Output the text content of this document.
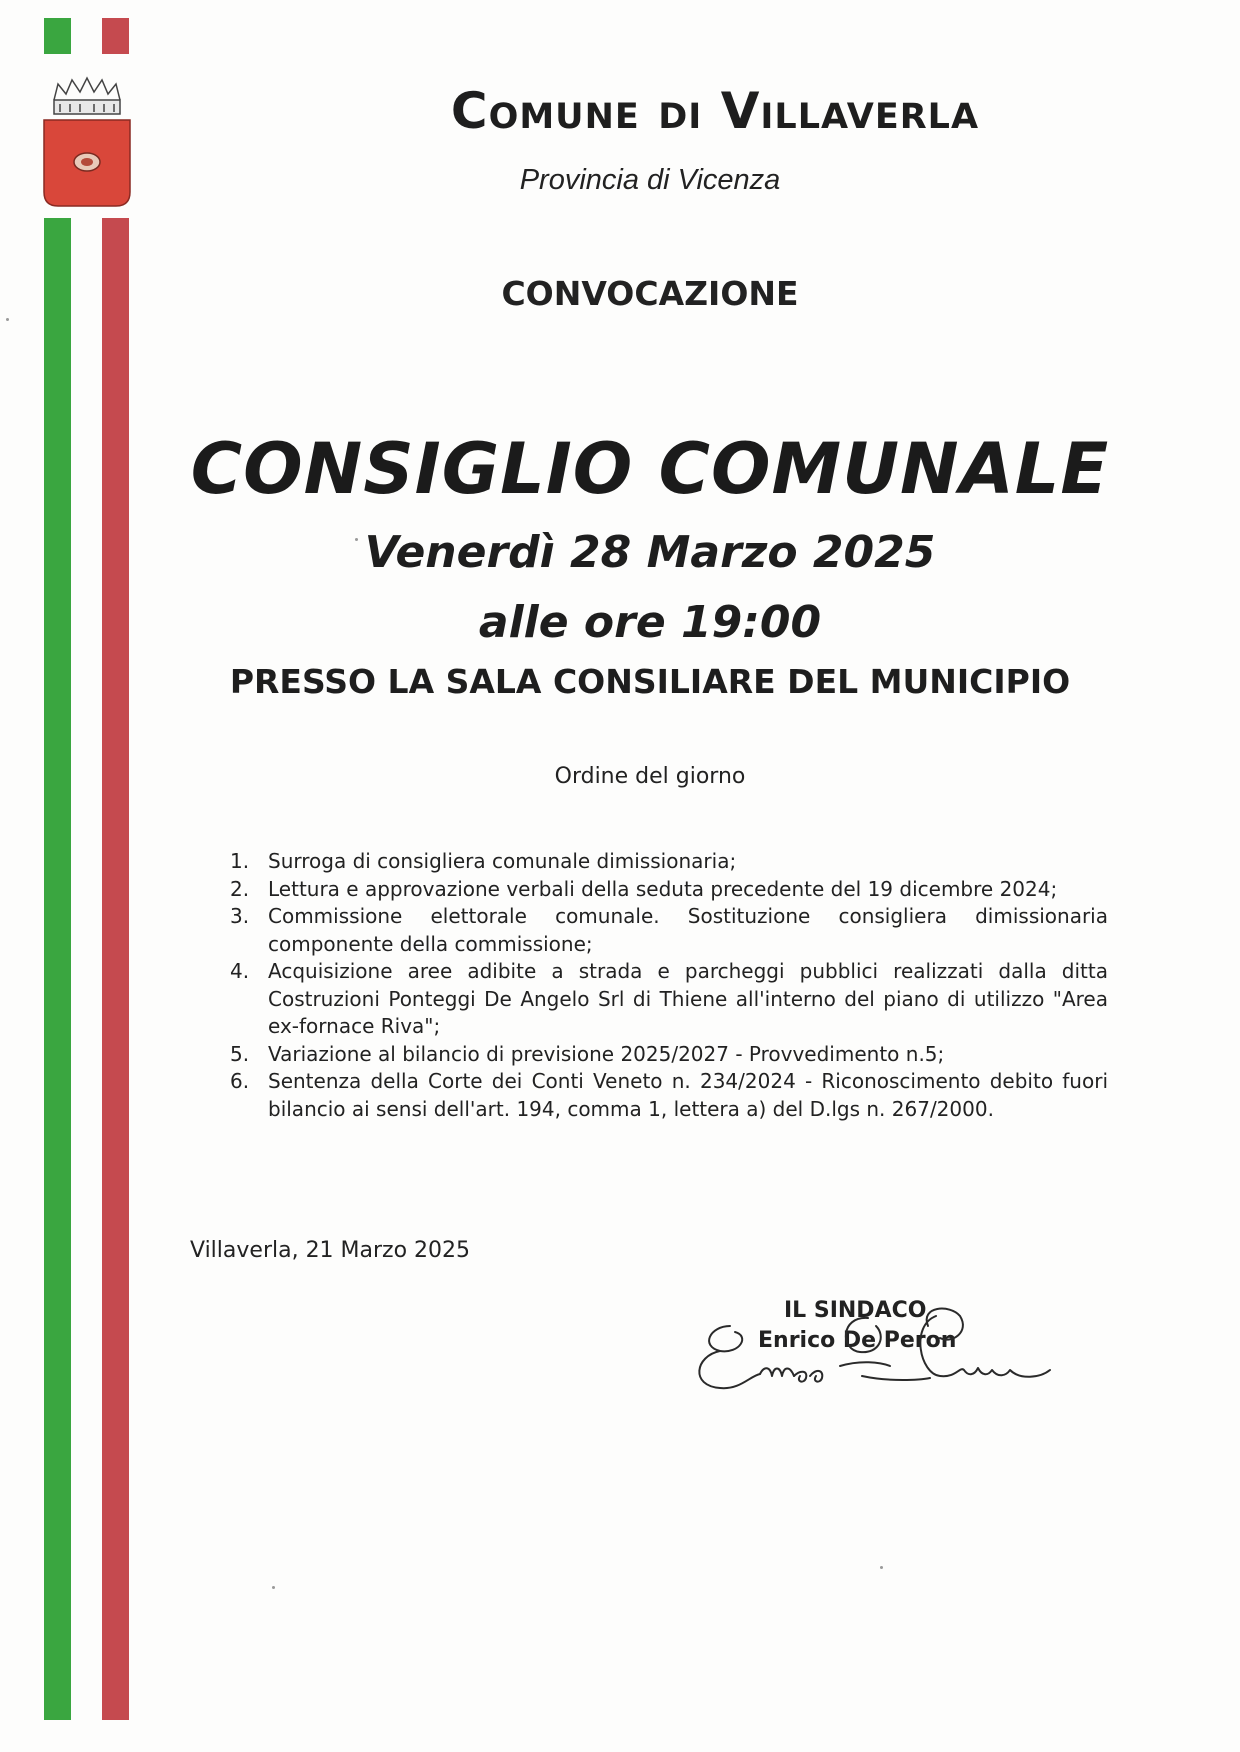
Comune di Villaverla
Provincia di Vicenza
CONVOCAZIONE
CONSIGLIO COMUNALE
Venerdì 28 Marzo 2025
alle ore 19:00
PRESSO LA SALA CONSILIARE DEL MUNICIPIO
Ordine del giorno
1. Surroga di consigliera comunale dimissionaria;
2. Lettura e approvazione verbali della seduta precedente del 19 dicembre 2024;
3. Commissione elettorale comunale. Sostituzione consigliera dimissionaria componente della commissione;
4. Acquisizione aree adibite a strada e parcheggi pubblici realizzati dalla ditta Costruzioni Ponteggi De Angelo Srl di Thiene all'interno del piano di utilizzo "Area ex-fornace Riva";
5. Variazione al bilancio di previsione 2025/2027 - Provvedimento n.5;
6. Sentenza della Corte dei Conti Veneto n. 234/2024 - Riconoscimento debito fuori bilancio ai sensi dell'art. 194, comma 1, lettera a) del D.lgs n. 267/2000.
Villaverla, 21 Marzo 2025
IL SINDACO
Enrico De Peron
